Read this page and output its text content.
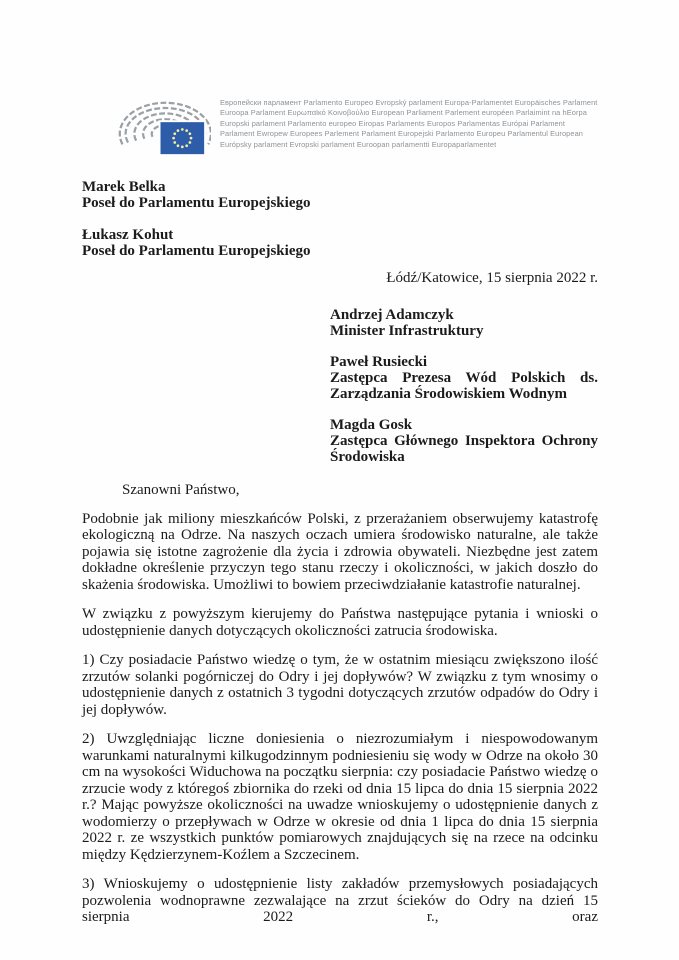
Европейски парламент Parlamento Europeo Evropský parlament Europa-Parlamentet Europäisches Parlament
Euroopa Parlament Ευρωπαϊκό Κοινοβούλιο European Parliament Parlement européen Parlaimint na hEorpa
Europski parlament Parlamento europeo Eiropas Parlaments Europos Parlamentas Európai Parlament
Parlament Ewropew Europees Parlement Parlament Europejski Parlamento Europeu Parlamentul European
Európsky parlament Evropski parlament Euroopan parlamentti Europaparlamentet
Marek Belka
Poseł do Parlamentu Europejskiego
Łukasz Kohut
Poseł do Parlamentu Europejskiego
Łódź/Katowice, 15 sierpnia 2022 r.
Andrzej Adamczyk
Minister Infrastruktury
Paweł Rusiecki
Zastępca Prezesa Wód Polskich ds. Zarządzania Środowiskiem Wodnym
Magda Gosk
Zastępca Głównego Inspektora Ochrony Środowiska

Szanowni Państwo,

Podobnie jak miliony mieszkańców Polski, z przerażaniem obserwujemy katastrofę ekologiczną na Odrze. Na naszych oczach umiera środowisko naturalne, ale także pojawia się istotne zagrożenie dla życia i zdrowia obywateli. Niezbędne jest zatem dokładne określenie przyczyn tego stanu rzeczy i okoliczności, w jakich doszło do skażenia środowiska. Umożliwi to bowiem przeciwdziałanie katastrofie naturalnej.

W związku z powyższym kierujemy do Państwa następujące pytania i wnioski o udostępnienie danych dotyczących okoliczności zatrucia środowiska.

1) Czy posiadacie Państwo wiedzę o tym, że w ostatnim miesiącu zwiększono ilość zrzutów solanki pogórniczej do Odry i jej dopływów? W związku z tym wnosimy o udostępnienie danych z ostatnich 3 tygodni dotyczących zrzutów odpadów do Odry i jej dopływów.

2) Uwzględniając liczne doniesienia o niezrozumiałym i niespowodowanym warunkami naturalnymi kilkugodzinnym podniesieniu się wody w Odrze na około 30 cm na wysokości Widuchowa na początku sierpnia: czy posiadacie Państwo wiedzę o zrzucie wody z któregoś zbiornika do rzeki od dnia 15 lipca do dnia 15 sierpnia 2022 r.? Mając powyższe okoliczności na uwadze wnioskujemy o udostępnienie danych z wodomierzy o przepływach w Odrze w okresie od dnia 1 lipca do dnia 15 sierpnia 2022 r. ze wszystkich punktów pomiarowych znajdujących się na rzece na odcinku między Kędzierzynem-Koźlem a Szczecinem.

3) Wnioskujemy o udostępnienie listy zakładów przemysłowych posiadających pozwolenia wodnoprawne zezwalające na zrzut ścieków do Odry na dzień 15 sierpnia 2022 r., oraz
